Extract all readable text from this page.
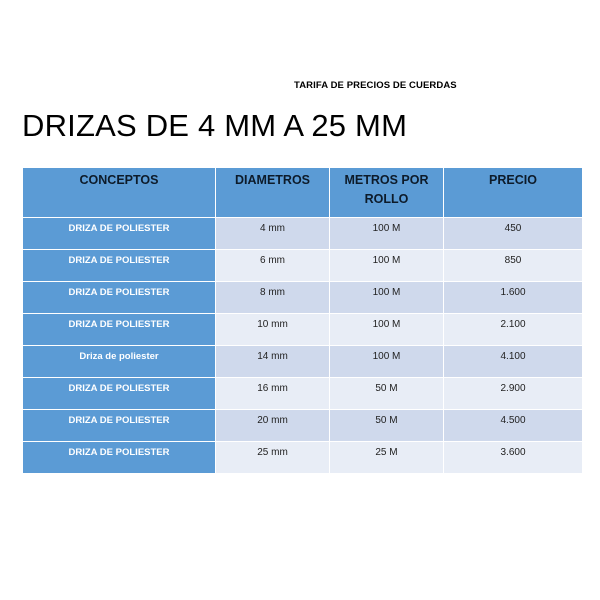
TARIFA DE PRECIOS DE CUERDAS
DRIZAS DE 4 MM A 25 MM
CONCEPTOS	DIAMETROS	METROS POR ROLLO	PRECIO
DRIZA DE POLIESTER	4 mm	100 M	450
DRIZA DE POLIESTER	6 mm	100 M	850
DRIZA DE POLIESTER	8 mm	100 M	1.600
DRIZA DE POLIESTER	10 mm	100 M	2.100
Driza de poliester	14 mm	100 M	4.100
DRIZA DE POLIESTER	16 mm	50 M	2.900
DRIZA DE POLIESTER	20 mm	50 M	4.500
DRIZA DE POLIESTER	25 mm	25 M	3.600
